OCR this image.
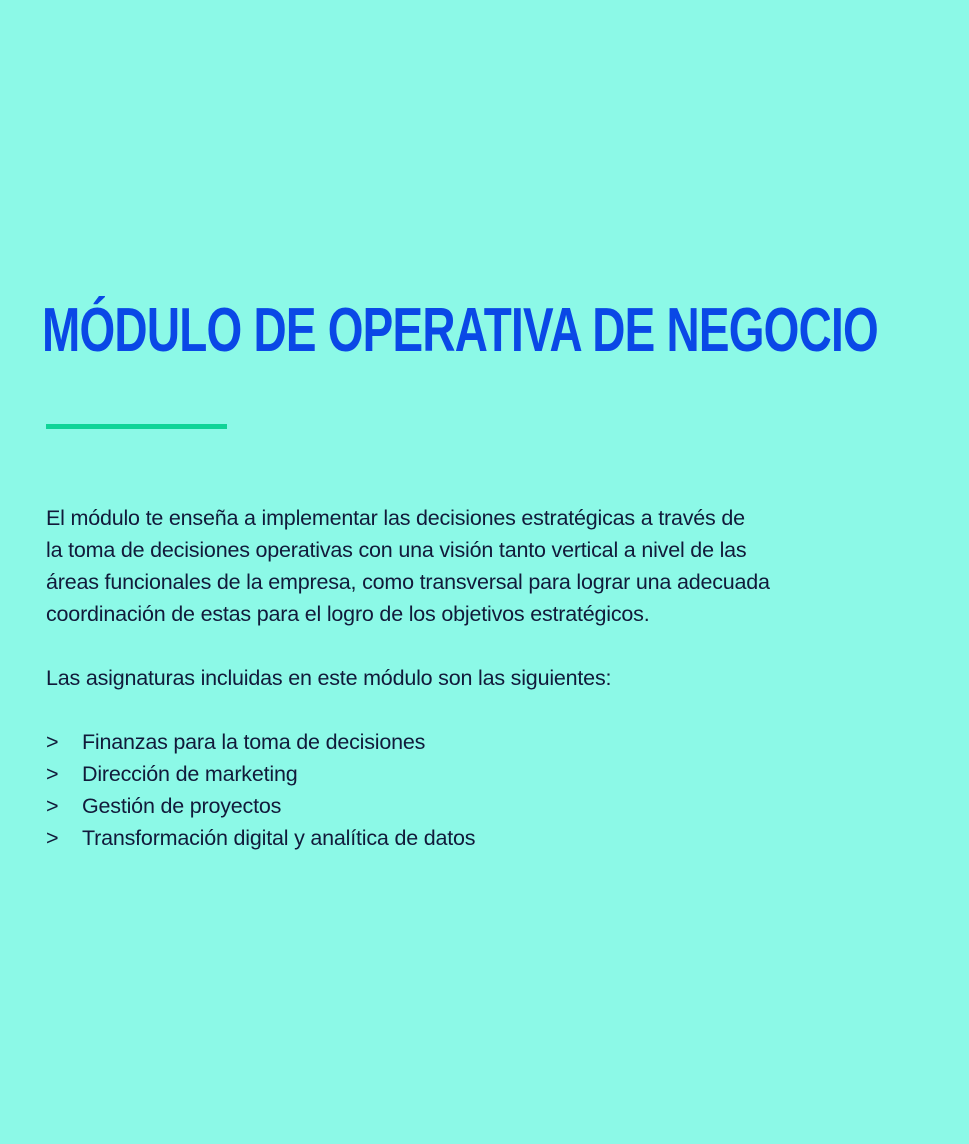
MÓDULO DE OPERATIVA DE NEGOCIO

El módulo te enseña a implementar las decisiones estratégicas a través de
la toma de decisiones operativas con una visión tanto vertical a nivel de las
áreas funcionales de la empresa, como transversal para lograr una adecuada
coordinación de estas para el logro de los objetivos estratégicos.

Las asignaturas incluidas en este módulo son las siguientes:
>	Finanzas para la toma de decisiones
>	Dirección de marketing
>	Gestión de proyectos
>	Transformación digital y analítica de datos
